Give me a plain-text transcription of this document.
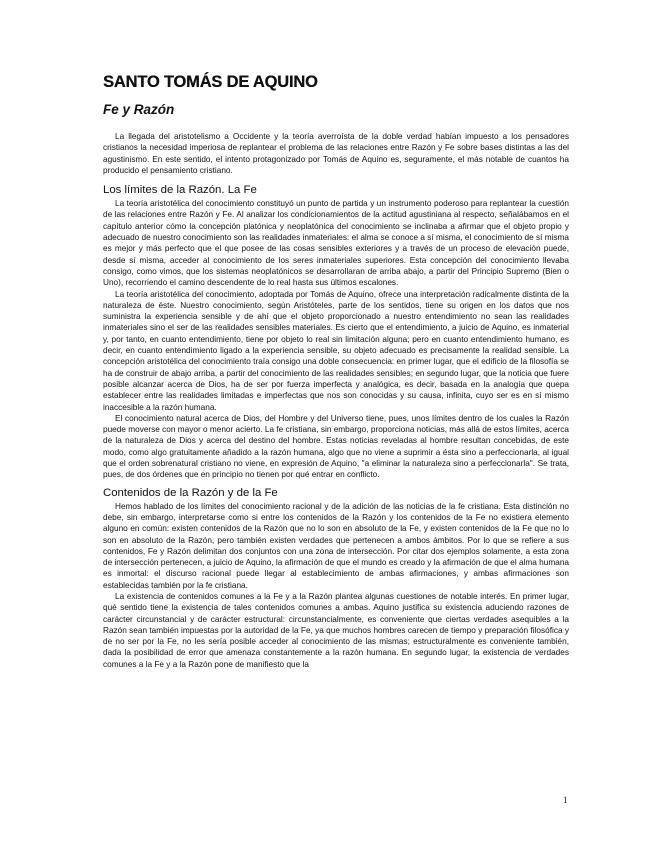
SANTO TOMÁS DE AQUINO
Fe y Razón

La llegada del aristotelismo a Occidente y la teoría averroísta de la doble verdad habían impuesto a los pensadores cristianos la necesidad imperiosa de replantear el problema de las relaciones entre Razón y Fe sobre bases distintas a las del agustinismo. En este sentido, el intento protagonizado por Tomás de Aquino es, seguramente, el más notable de cuantos ha producido el pensamiento cristiano.

Los límites de la Razón. La Fe

La teoría aristotélica del conocimiento constituyó un punto de partida y un instrumento poderoso para replantear la cuestión de las relaciones entre Razón y Fe. Al analizar los condicionamientos de la actitud agustiniana al respecto, señalábamos en el capítulo anterior cómo la concepción platónica y neoplatónica del conocimiento se inclinaba a afirmar que el objeto propio y adecuado de nuestro conocimiento son las realidades inmateriales: el alma se conoce a sí misma, el conocimiento de sí misma es mejor y más perfecto que el que posee de las cosas sensibles exteriores y a través de un proceso de elevación puede, desde sí misma, acceder al conocimiento de los seres inmateriales superiores. Esta concepción del conocimiento llevaba consigo, como vimos, que los sistemas neoplatónicos se desarrollaran de arriba abajo, a partir del Principio Supremo (Bien o Uno), recorriendo el camino descendente de lo real hasta sus últimos escalones.

La teoría aristotélica del conocimiento, adoptada por Tomás de Aquino, ofrece una interpretación radicalmente distinta de la naturaleza de éste. Nuestro conocimiento, según Aristóteles, parte de los sentidos, tiene su origen en los datos que nos suministra la experiencia sensible y de ahí que el objeto proporcionado a nuestro entendimiento no sean las realidades inmateriales sino el ser de las realidades sensibles materiales. Es cierto que el entendimiento, a juicio de Aquino, es inmaterial y, por tanto, en cuanto entendimiento, tiene por objeto lo real sin limitación alguna; pero en cuanto entendimiento humano, es decir, en cuanto entendimiento ligado a la experiencia sensible, su objeto adecuado es precisamente la realidad sensible. La concepción aristotélica del conocimiento traía consigo una doble consecuencia: en primer lugar, que el edificio de la filosofía se ha de construir de abajo arriba, a partir del conocimiento de las realidades sensibles; en segundo lugar, que la noticia que fuere posible alcanzar acerca de Dios, ha de ser por fuerza imperfecta y analógica, es decir, basada en la analogía que quepa establecer entre las realidades limitadas e imperfectas que nos son conocidas y su causa, infinita, cuyo ser es en sí mismo inaccesible a la razón humana.

El conocimiento natural acerca de Dios, del Hombre y del Universo tiene, pues, unos límites dentro de los cuales la Razón puede moverse con mayor o menor acierto. La fe cristiana, sin embargo, proporciona noticias, más allá de estos límites, acerca de la naturaleza de Dios y acerca del destino del hombre. Estas noticias reveladas al hombre resultan concebidas, de este modo, como algo gratuitamente añadido a la razón humana, algo que no viene a suprimir a ésta sino a perfeccionarla, al igual que el orden sobrenatural cristiano no viene, en expresión de Aquino, "a eliminar la naturaleza sino a perfeccionarla". Se trata, pues, de dos órdenes que en principio no tienen por qué entrar en conflicto.

Contenidos de la Razón y de la Fe

Hemos hablado de los límites del conocimiento racional y de la adición de las noticias de la fe cristiana. Esta distinción no debe, sin embargo, interpretarse como si entre los contenidos de la Razón y los contenidos de la Fe no existiera elemento alguno en común: existen contenidos de la Razón que no lo son en absoluto de la Fe, y existen contenidos de la Fe que no lo son en absoluto de la Razón, pero también existen verdades que pertenecen a ambos ámbitos. Por lo que se refiere a sus contenidos, Fe y Razón delimitan dos conjuntos con una zona de intersección. Por citar dos ejemplos solamente, a esta zona de intersección pertenecen, a juicio de Aquino, la afirmación de que el mundo es creado y la afirmación de que el alma humana es inmortal: el discurso racional puede llegar al establecimiento de ambas afirmaciones, y ambas afirmaciones son establecidas también por la fe cristiana.

La existencia de contenidos comunes a la Fe y a la Razón plantea algunas cuestiones de notable interés. En primer lugar, qué sentido tiene la existencia de tales contenidos comunes a ambas. Aquino justifica su existencia aduciendo razones de carácter circunstancial y de carácter estructural: circunstancialmente, es conveniente que ciertas verdades asequibles a la Razón sean también impuestas por la autoridad de la Fe, ya que muchos hombres carecen de tiempo y preparación filosófica y de no ser por la Fe, no les sería posible acceder al conocimiento de las mismas; estructuralmente es conveniente también, dada la posibilidad de error que amenaza constantemente a la razón humana. En segundo lugar, la existencia de verdades comunes a la Fe y a la Razón pone de manifiesto que la

1
